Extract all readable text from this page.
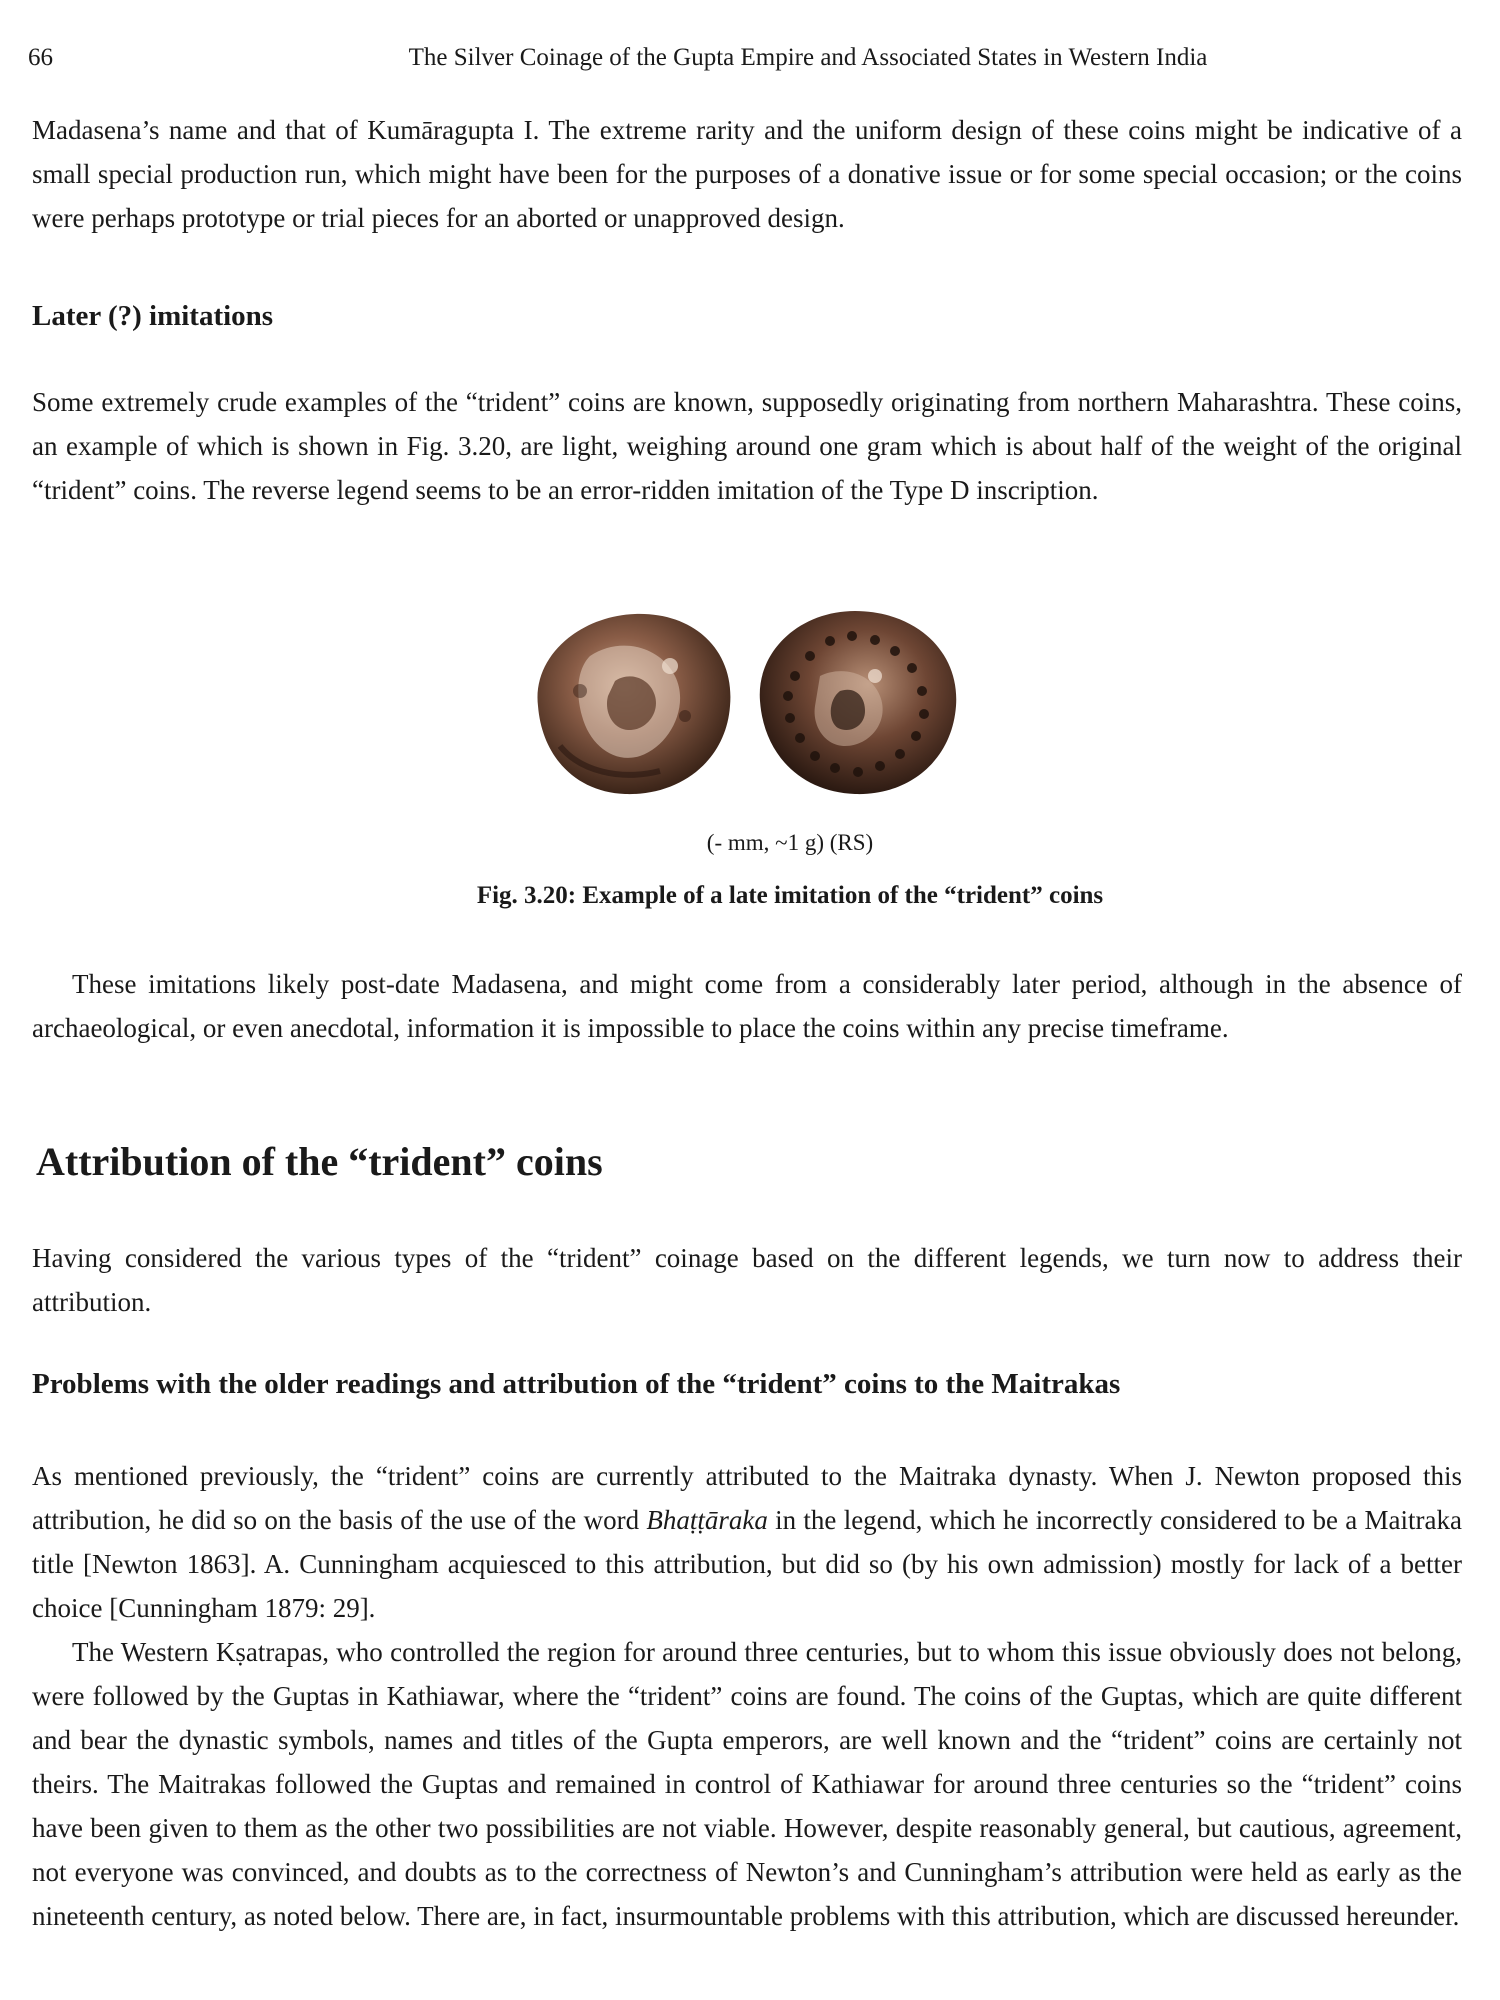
66	The Silver Coinage of the Gupta Empire and Associated States in Western India

Madasena’s name and that of Kumāragupta I. The extreme rarity and the uniform design of these coins might be indicative of a small special production run, which might have been for the purposes of a donative issue or for some special occasion; or the coins were perhaps prototype or trial pieces for an aborted or unapproved design.

Later (?) imitations

Some extremely crude examples of the “trident” coins are known, supposedly originating from northern Maharashtra. These coins, an example of which is shown in Fig. 3.20, are light, weighing around one gram which is about half of the weight of the original “trident” coins. The reverse legend seems to be an error-ridden imitation of the Type D inscription.

(- mm, ~1 g) (RS)

Fig. 3.20: Example of a late imitation of the “trident” coins

These imitations likely post-date Madasena, and might come from a considerably later period, although in the absence of archaeological, or even anecdotal, information it is impossible to place the coins within any precise timeframe.

Attribution of the “trident” coins

Having considered the various types of the “trident” coinage based on the different legends, we turn now to address their attribution.

Problems with the older readings and attribution of the “trident” coins to the Maitrakas

As mentioned previously, the “trident” coins are currently attributed to the Maitraka dynasty. When J. Newton proposed this attribution, he did so on the basis of the use of the word Bhaṭṭāraka in the legend, which he incorrectly considered to be a Maitraka title [Newton 1863]. A. Cunningham acquiesced to this attribution, but did so (by his own admission) mostly for lack of a better choice [Cunningham 1879: 29].

The Western Kṣatrapas, who controlled the region for around three centuries, but to whom this issue obviously does not belong, were followed by the Guptas in Kathiawar, where the “trident” coins are found. The coins of the Guptas, which are quite different and bear the dynastic symbols, names and titles of the Gupta emperors, are well known and the “trident” coins are certainly not theirs. The Maitrakas followed the Guptas and remained in control of Kathiawar for around three centuries so the “trident” coins have been given to them as the other two possibilities are not viable. However, despite reasonably general, but cautious, agreement, not everyone was convinced, and doubts as to the correctness of Newton’s and Cunningham’s attribution were held as early as the nineteenth century, as noted below. There are, in fact, insurmountable problems with this attribution, which are discussed hereunder.
